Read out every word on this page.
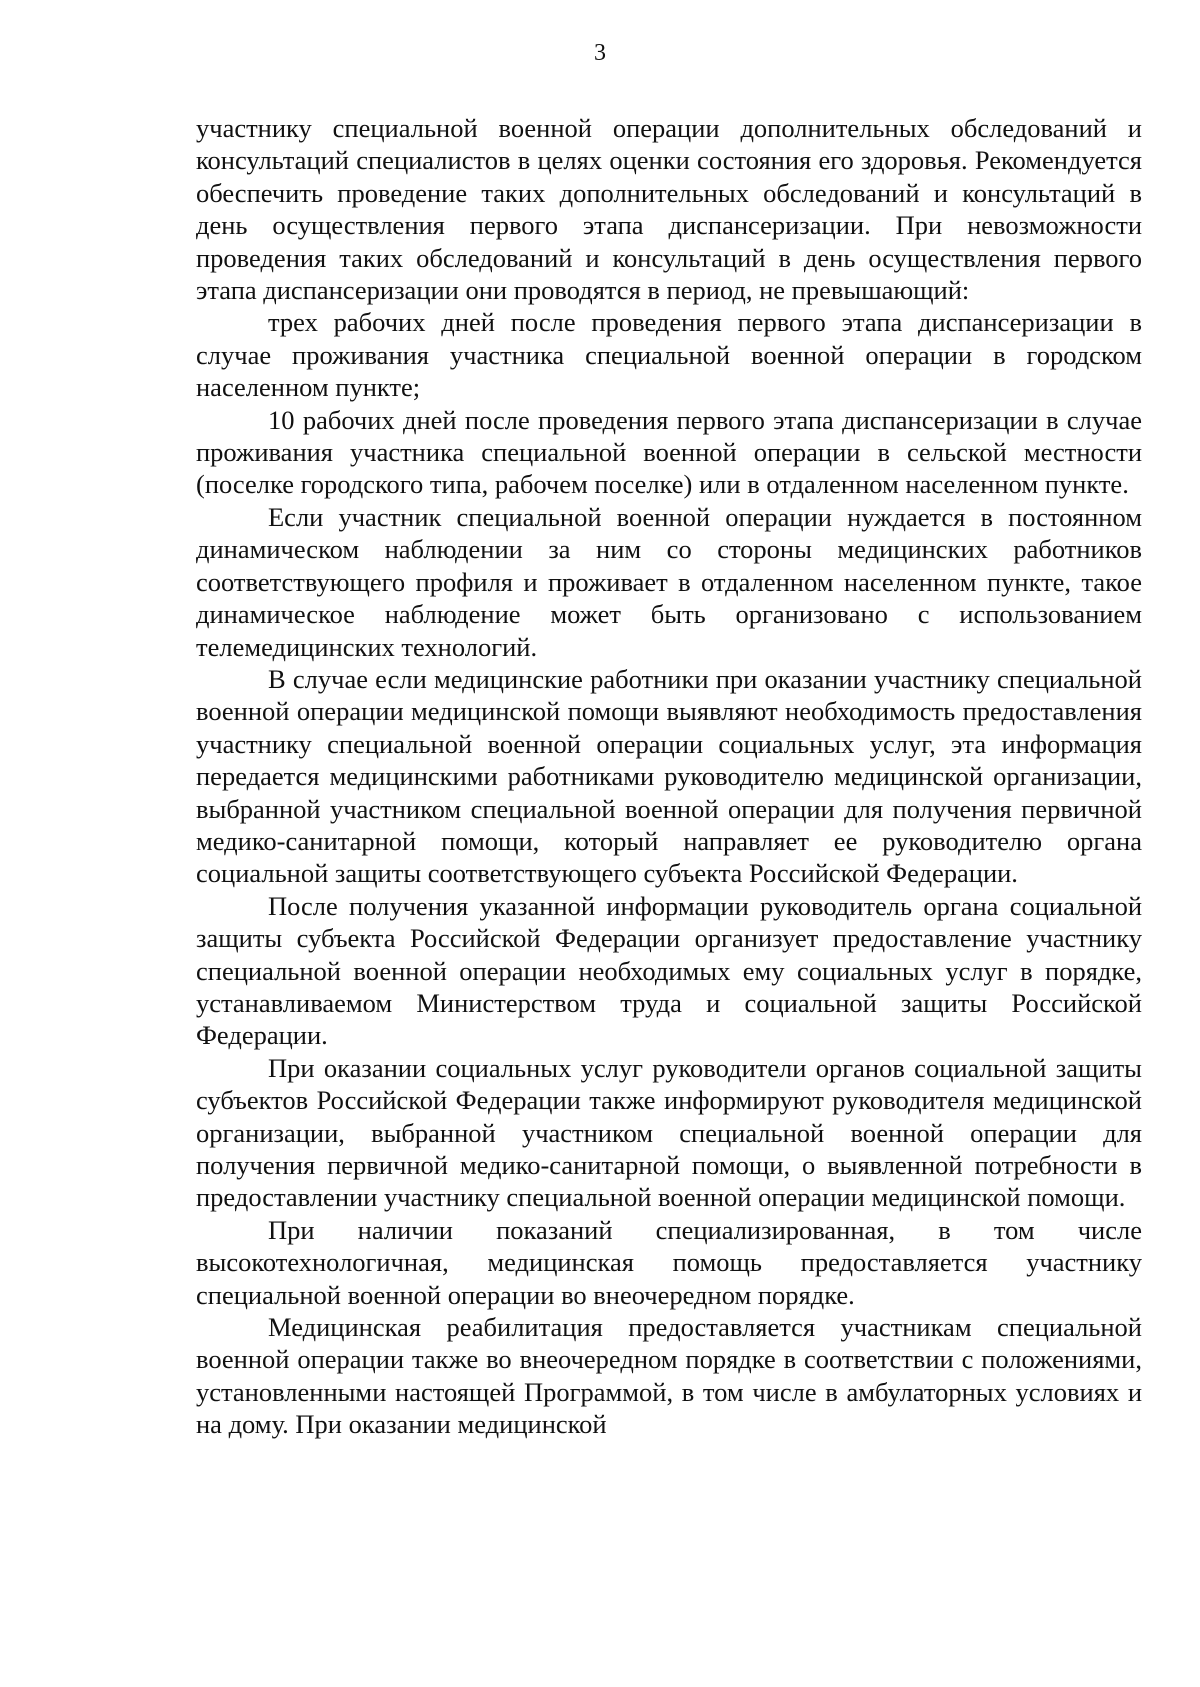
3

участнику специальной военной операции дополнительных обследований и консультаций специалистов в целях оценки состояния его здоровья. Рекомендуется обеспечить проведение таких дополнительных обследований и консультаций в день осуществления первого этапа диспансеризации. При невозможности проведения таких обследований и консультаций в день осуществления первого этапа диспансеризации они проводятся в период, не превышающий:

трех рабочих дней после проведения первого этапа диспансеризации в случае проживания участника специальной военной операции в городском населенном пункте;

10 рабочих дней после проведения первого этапа диспансеризации в случае проживания участника специальной военной операции в сельской местности (поселке городского типа, рабочем поселке) или в отдаленном населенном пункте.

Если участник специальной военной операции нуждается в постоянном динамическом наблюдении за ним со стороны медицинских работников соответствующего профиля и проживает в отдаленном населенном пункте, такое динамическое наблюдение может быть организовано с использованием телемедицинских технологий.

В случае если медицинские работники при оказании участнику специальной военной операции медицинской помощи выявляют необходимость предоставления участнику специальной военной операции социальных услуг, эта информация передается медицинскими работниками руководителю медицинской организации, выбранной участником специальной военной операции для получения первичной медико-санитарной помощи, который направляет ее руководителю органа социальной защиты соответствующего субъекта Российской Федерации.

После получения указанной информации руководитель органа социальной защиты субъекта Российской Федерации организует предоставление участнику специальной военной операции необходимых ему социальных услуг в порядке, устанавливаемом Министерством труда и социальной защиты Российской Федерации.

При оказании социальных услуг руководители органов социальной защиты субъектов Российской Федерации также информируют руководителя медицинской организации, выбранной участником специальной военной операции для получения первичной медико-санитарной помощи, о выявленной потребности в предоставлении участнику специальной военной операции медицинской помощи.

При наличии показаний специализированная, в том числе высокотехнологичная, медицинская помощь предоставляется участнику специальной военной операции во внеочередном порядке.

Медицинская реабилитация предоставляется участникам специальной военной операции также во внеочередном порядке в соответствии с положениями, установленными настоящей Программой, в том числе в амбулаторных условиях и на дому. При оказании медицинской
